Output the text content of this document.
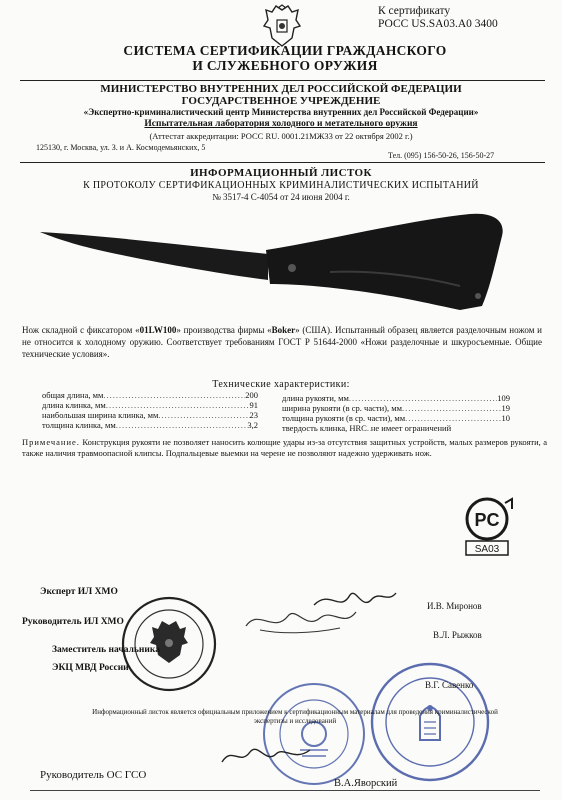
К сертификату
РОСС US.SA03.A0 3400
СИСТЕМА СЕРТИФИКАЦИИ ГРАЖДАНСКОГО
И СЛУЖЕБНОГО ОРУЖИЯ
МИНИСТЕРСТВО ВНУТРЕННИХ ДЕЛ РОССИЙСКОЙ ФЕДЕРАЦИИ
ГОСУДАРСТВЕННОЕ УЧРЕЖДЕНИЕ
«Экспертно-криминалистический центр Министерства внутренних дел Российской Федерации»
Испытательная лаборатория холодного и метательного оружия
(Аттестат аккредитации: РОСС RU. 0001.21МЖ33 от 22 октября 2002 г.)
125130, г. Москва, ул. З. и А. Космодемьянских, 5
Тел. (095) 156-50-26, 156-50-27
ИНФОРМАЦИОННЫЙ ЛИСТОК
К ПРОТОКОЛУ СЕРТИФИКАЦИОННЫХ КРИМИНАЛИСТИЧЕСКИХ ИСПЫТАНИЙ
№ 3517-4 С-4054 от 24 июня 2004 г.
Нож складной с фиксатором «01LW100» производства фирмы «Boker» (США). Испытанный образец является разделочным ножом и не относится к холодному оружию. Соответствует требованиям ГОСТ Р 51644-2000 «Ножи разделочные и шкуросъемные. Общие технические условия».
Технические характеристики:
общая длина, мм .....	200
длина клинка, мм .....	91
наибольшая ширина клинка, мм .....	23
толщина клинка, мм .....	3,2
длина рукояти, мм .....	109
ширина рукояти (в ср. части), мм .....	19
толщина рукояти (в ср. части), мм .....	10
твердость клинка, HRC ..... не имеет ограничений
Примечание. Конструкция рукояти не позволяет наносить колющие удары из-за отсутствия защитных устройств, малых размеров рукояти, а также наличия травмоопасной клипсы. Подпальцевые выемки на черене не позволяют надежно удерживать нож.
PC
SA03
Эксперт ИЛ ХМО
И.В. Миронов
Руководитель ИЛ ХМО
В.Л. Рыжков
Заместитель начальника
ЭКЦ МВД России
В.Г. Савенко
Информационный листок является официальным приложением к сертификационным материалам для проведения криминалистической экспертизы и исследований
Руководитель ОС ГСО
В.А.Яворский
